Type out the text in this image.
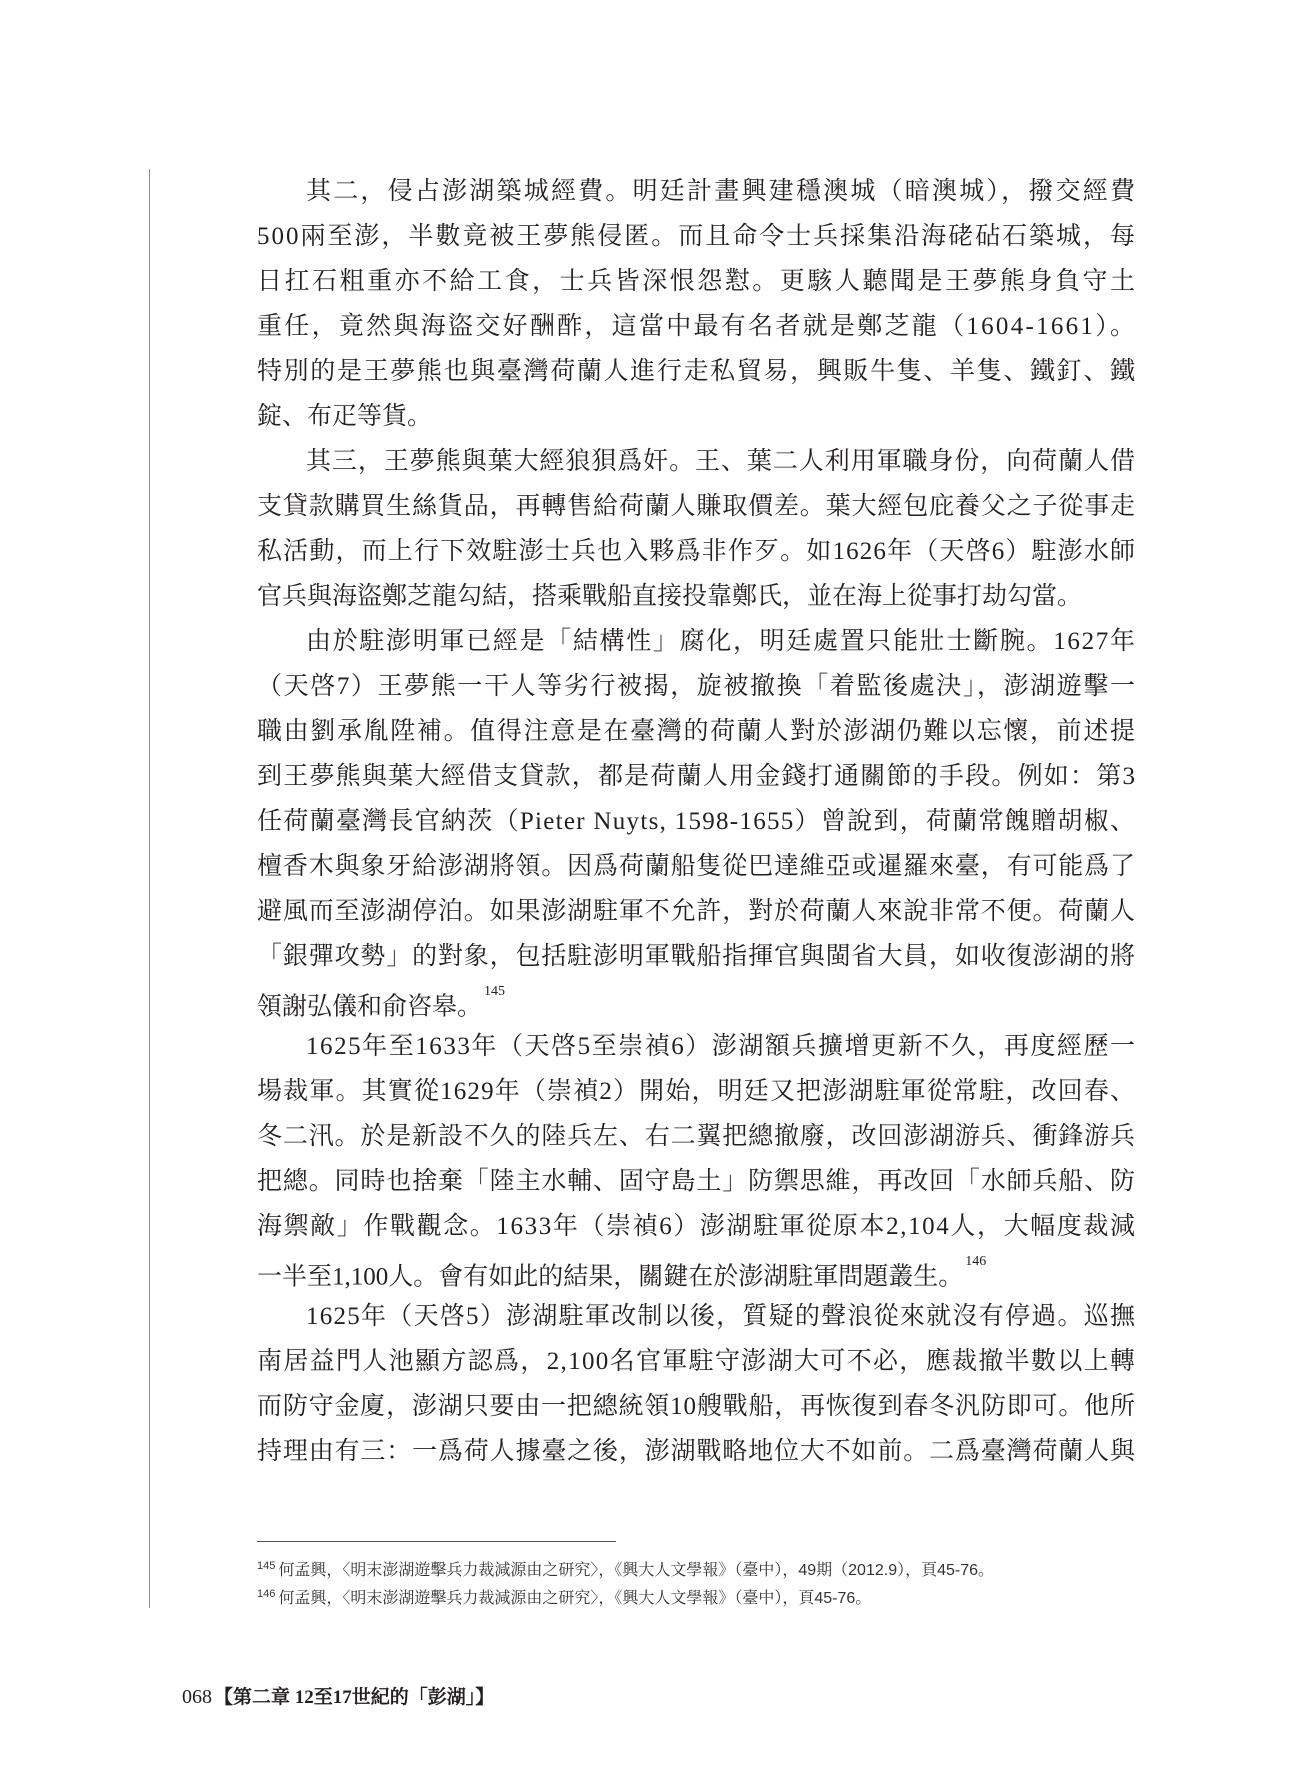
其二，侵占澎湖築城經費。明廷計畫興建穩澳城（暗澳城），撥交經費
500兩至澎，半數竟被王夢熊侵匿。而且命令士兵採集沿海硓砧石築城，每
日扛石粗重亦不給工食，士兵皆深恨怨懟。更駭人聽聞是王夢熊身負守土
重任，竟然與海盜交好酬酢，這當中最有名者就是鄭芝龍（1604-1661）。
特別的是王夢熊也與臺灣荷蘭人進行走私貿易，興販牛隻、羊隻、鐵釘、鐵
錠、布疋等貨。
其三，王夢熊與葉大經狼狽爲奸。王、葉二人利用軍職身份，向荷蘭人借
支貸款購買生絲貨品，再轉售給荷蘭人賺取價差。葉大經包庇養父之子從事走
私活動，而上行下效駐澎士兵也入夥爲非作歹。如1626年（天啓6）駐澎水師
官兵與海盜鄭芝龍勾結，搭乘戰船直接投靠鄭氏，並在海上從事打劫勾當。
由於駐澎明軍已經是「結構性」腐化，明廷處置只能壯士斷腕。1627年
（天啓7）王夢熊一干人等劣行被揭，旋被撤換「着監後處決」，澎湖遊擊一
職由劉承胤陞補。值得注意是在臺灣的荷蘭人對於澎湖仍難以忘懷，前述提
到王夢熊與葉大經借支貸款，都是荷蘭人用金錢打通關節的手段。例如：第3
任荷蘭臺灣長官納茨（Pieter Nuyts, 1598-1655）曾說到，荷蘭常餽贈胡椒、
檀香木與象牙給澎湖將領。因爲荷蘭船隻從巴達維亞或暹羅來臺，有可能爲了
避風而至澎湖停泊。如果澎湖駐軍不允許，對於荷蘭人來說非常不便。荷蘭人
「銀彈攻勢」的對象，包括駐澎明軍戰船指揮官與閩省大員，如收復澎湖的將
領謝弘儀和俞咨皋。$^{145}$
1625年至1633年（天啓5至崇禎6）澎湖額兵擴增更新不久，再度經歷一
場裁軍。其實從1629年（崇禎2）開始，明廷又把澎湖駐軍從常駐，改回春、
冬二汛。於是新設不久的陸兵左、右二翼把總撤廢，改回澎湖游兵、衝鋒游兵
把總。同時也捨棄「陸主水輔、固守島土」防禦思維，再改回「水師兵船、防
海禦敵」作戰觀念。1633年（崇禎6）澎湖駐軍從原本2,104人，大幅度裁減
一半至1,100人。會有如此的結果，關鍵在於澎湖駐軍問題叢生。$^{146}$
1625年（天啓5）澎湖駐軍改制以後，質疑的聲浪從來就沒有停過。巡撫
南居益門人池顯方認爲，2,100名官軍駐守澎湖大可不必，應裁撤半數以上轉
而防守金廈，澎湖只要由一把總統領10艘戰船，再恢復到春冬汎防即可。他所
持理由有三：一爲荷人據臺之後，澎湖戰略地位大不如前。二爲臺灣荷蘭人與
$^{145}$ 何孟興，〈明末澎湖遊擊兵力裁減源由之研究〉，《興大人文學報》（臺中），49期（2012.9），頁45-76。
$^{146}$ 何孟興，〈明末澎湖遊擊兵力裁減源由之研究〉，《興大人文學報》（臺中），頁45-76。
068 【第二章 12至17世紀的「彭湖」】
